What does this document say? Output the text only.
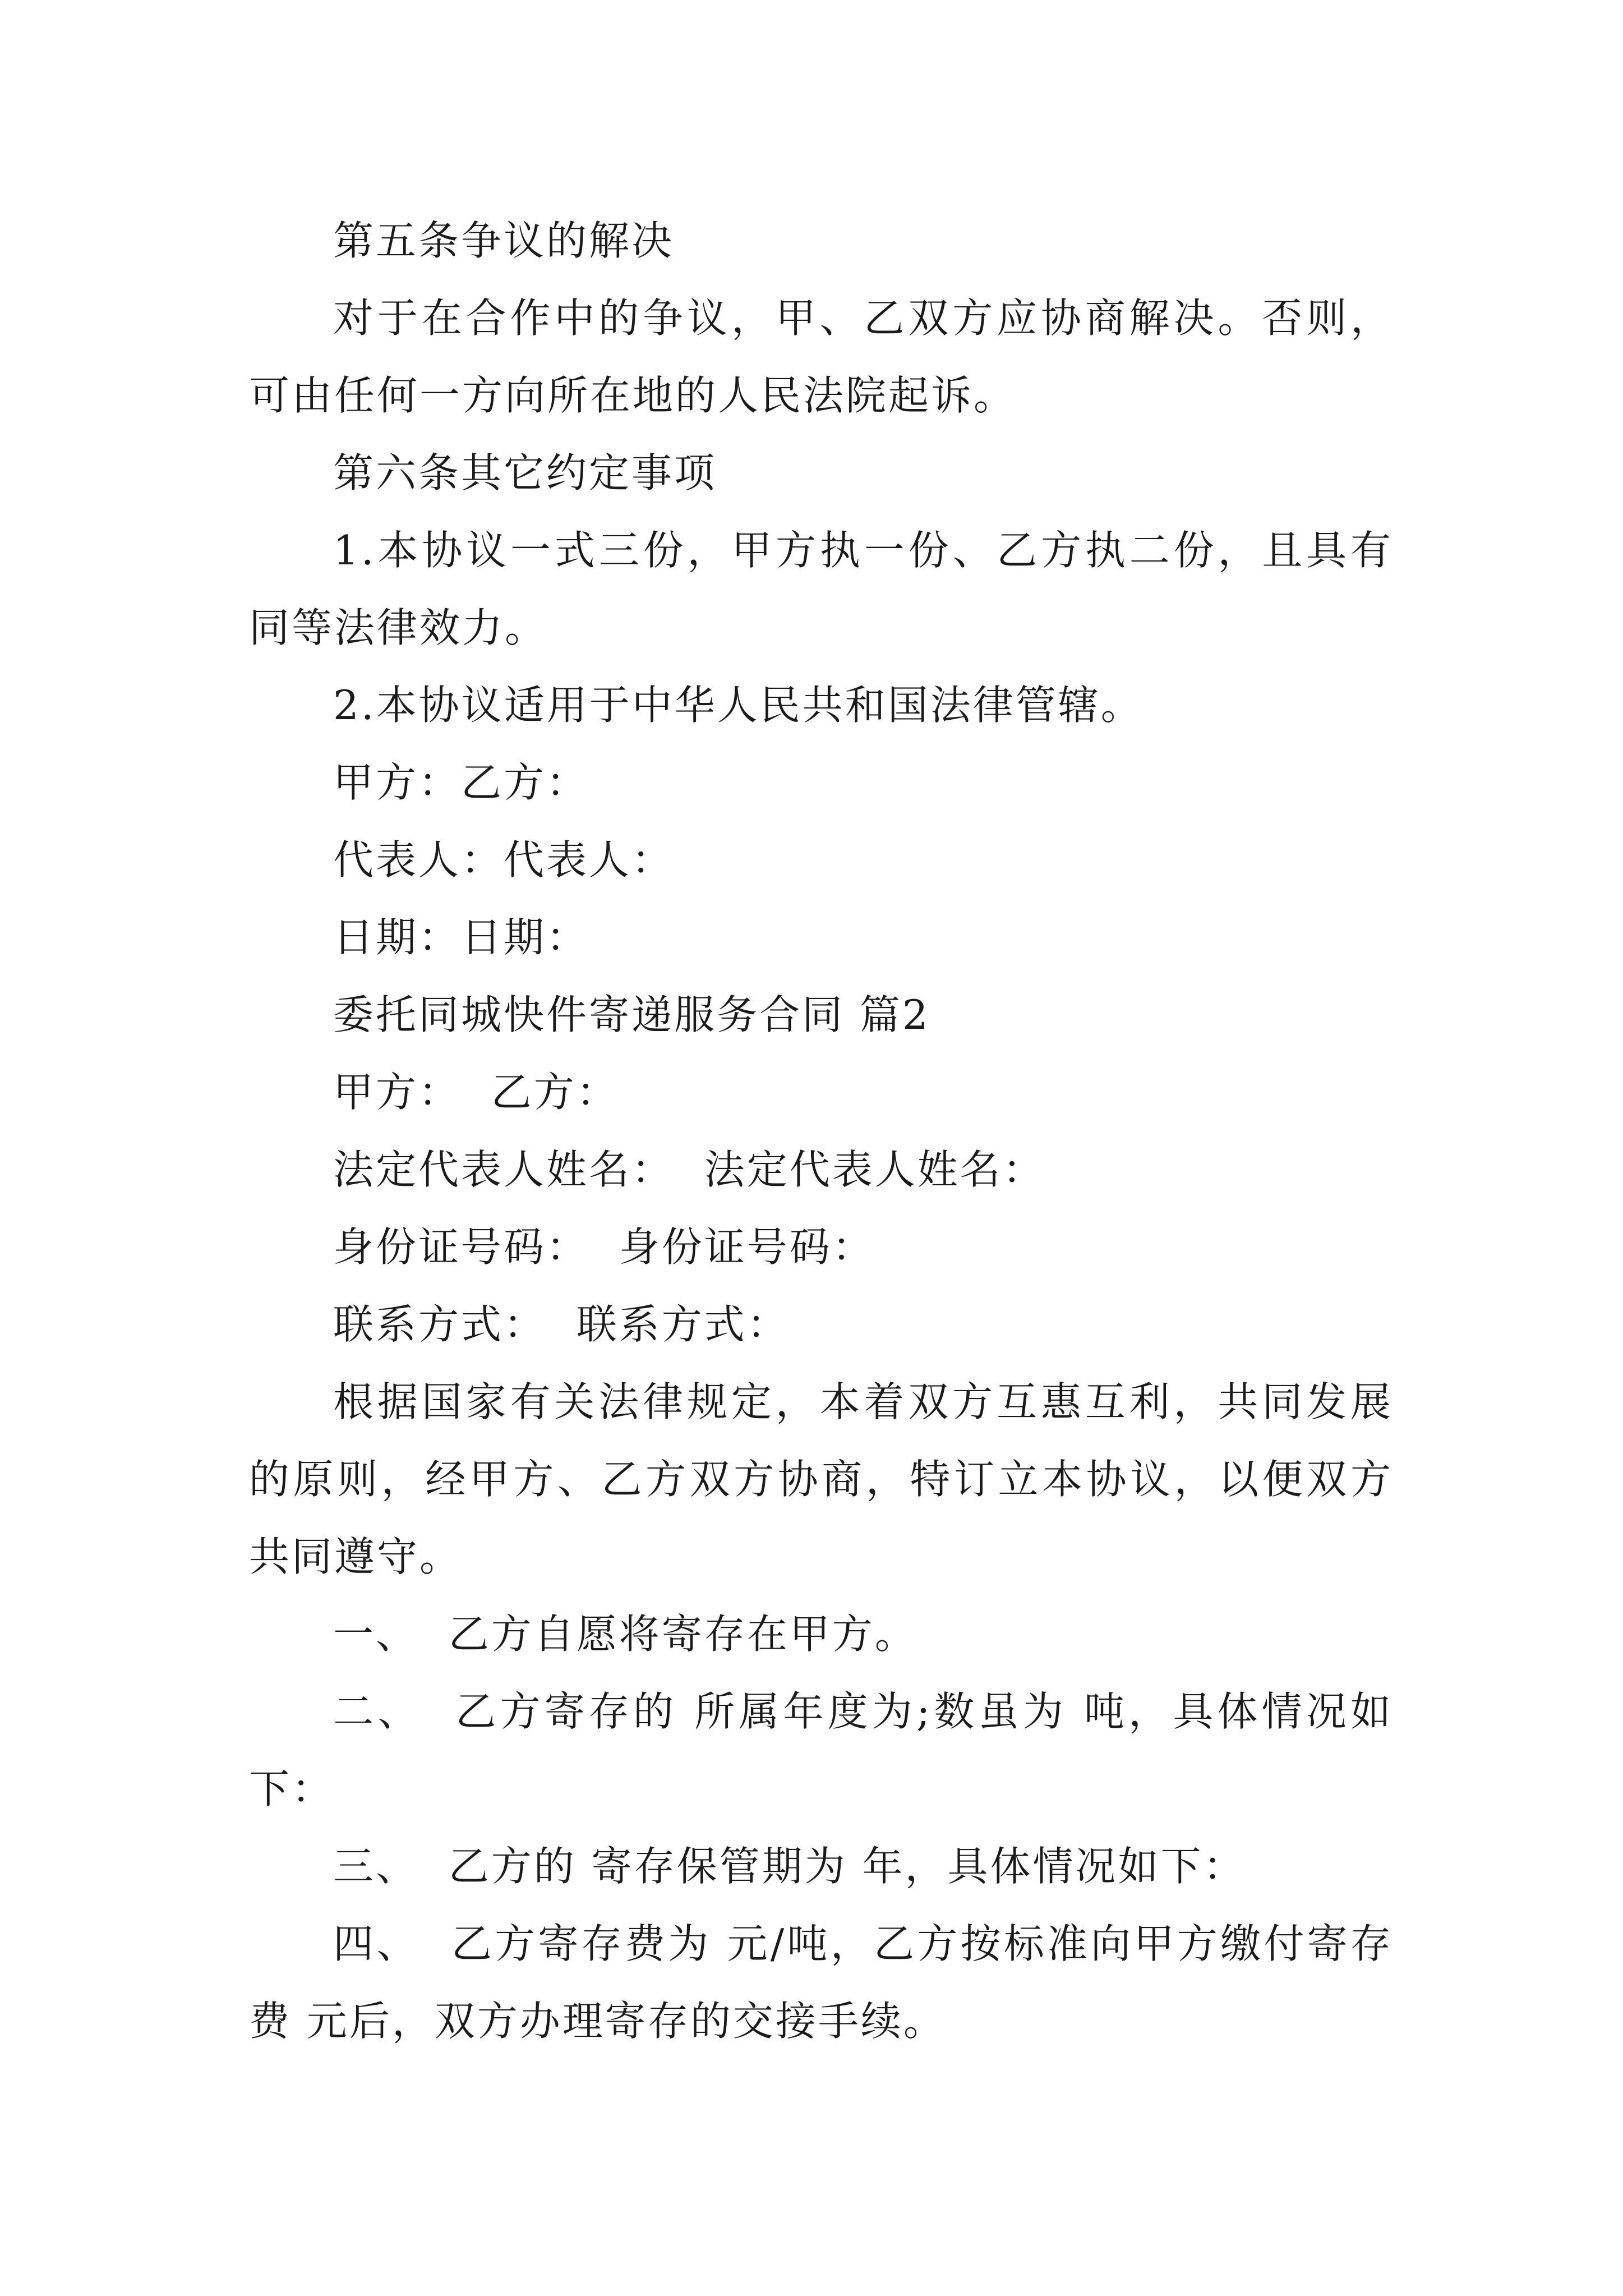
第五条争议的解决

对于在合作中的争议，甲、乙双方应协商解决。否则，可由任何一方向所在地的人民法院起诉。

第六条其它约定事项

1.本协议一式三份，甲方执一份、乙方执二份，且具有同等法律效力。

2.本协议适用于中华人民共和国法律管辖。

甲方：乙方：

代表人：代表人：

日期：日期：

委托同城快件寄递服务合同 篇2

甲方：  乙方：

法定代表人姓名：  法定代表人姓名：

身份证号码：  身份证号码：

联系方式：  联系方式：

根据国家有关法律规定，本着双方互惠互利，共同发展的原则，经甲方、乙方双方协商，特订立本协议，以便双方共同遵守。

一、  乙方自愿将寄存在甲方。

二、  乙方寄存的 所属年度为;数虽为 吨，具体情况如下：

三、  乙方的 寄存保管期为 年，具体情况如下：

四、  乙方寄存费为 元/吨，乙方按标准向甲方缴付寄存 费 元后，双方办理寄存的交接手续。
